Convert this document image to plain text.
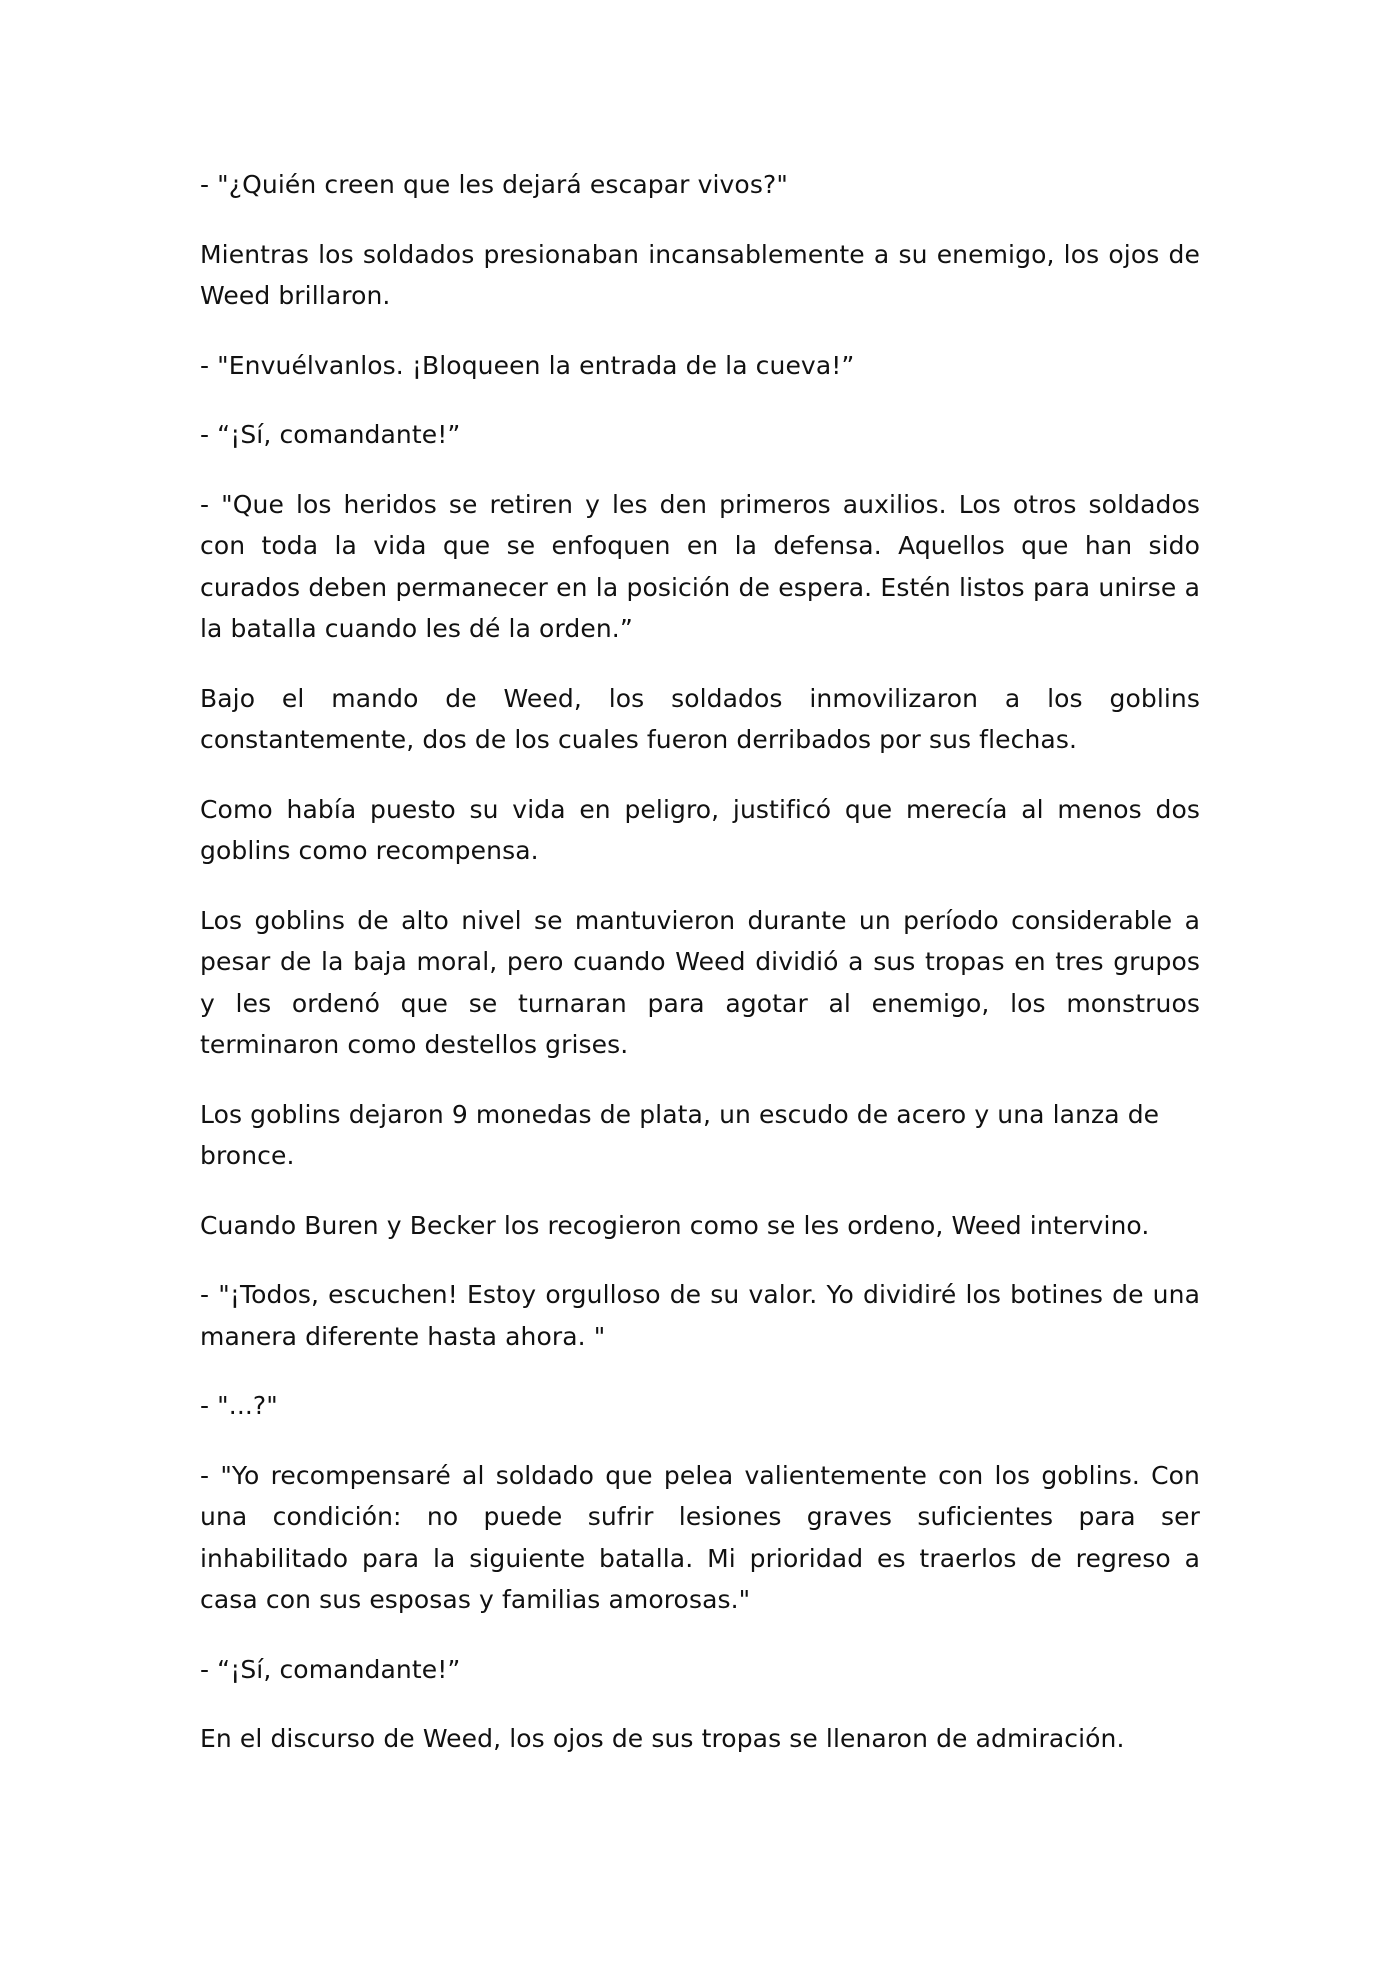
- "¿Quién creen que les dejará escapar vivos?"

Mientras los soldados presionaban incansablemente a su enemigo, los ojos de Weed brillaron.

- "Envuélvanlos. ¡Bloqueen la entrada de la cueva!”

- “¡Sí, comandante!”

- "Que los heridos se retiren y les den primeros auxilios. Los otros soldados con toda la vida que se enfoquen en la defensa. Aquellos que han sido curados deben permanecer en la posición de espera. Estén listos para unirse a la batalla cuando les dé la orden.”

Bajo el mando de Weed, los soldados inmovilizaron a los goblins constantemente, dos de los cuales fueron derribados por sus flechas.

Como había puesto su vida en peligro, justificó que merecía al menos dos goblins como recompensa.

Los goblins de alto nivel se mantuvieron durante un período considerable a pesar de la baja moral, pero cuando Weed dividió a sus tropas en tres grupos y les ordenó que se turnaran para agotar al enemigo, los monstruos terminaron como destellos grises.

Los goblins dejaron 9 monedas de plata, un escudo de acero y una lanza de bronce.

Cuando Buren y Becker los recogieron como se les ordeno, Weed intervino.

- "¡Todos, escuchen! Estoy orgulloso de su valor. Yo dividiré los botines de una manera diferente hasta ahora. "

- "...?"

- "Yo recompensaré al soldado que pelea valientemente con los goblins. Con una condición: no puede sufrir lesiones graves suficientes para ser inhabilitado para la siguiente batalla. Mi prioridad es traerlos de regreso a casa con sus esposas y familias amorosas."

- “¡Sí, comandante!”

En el discurso de Weed, los ojos de sus tropas se llenaron de admiración.
